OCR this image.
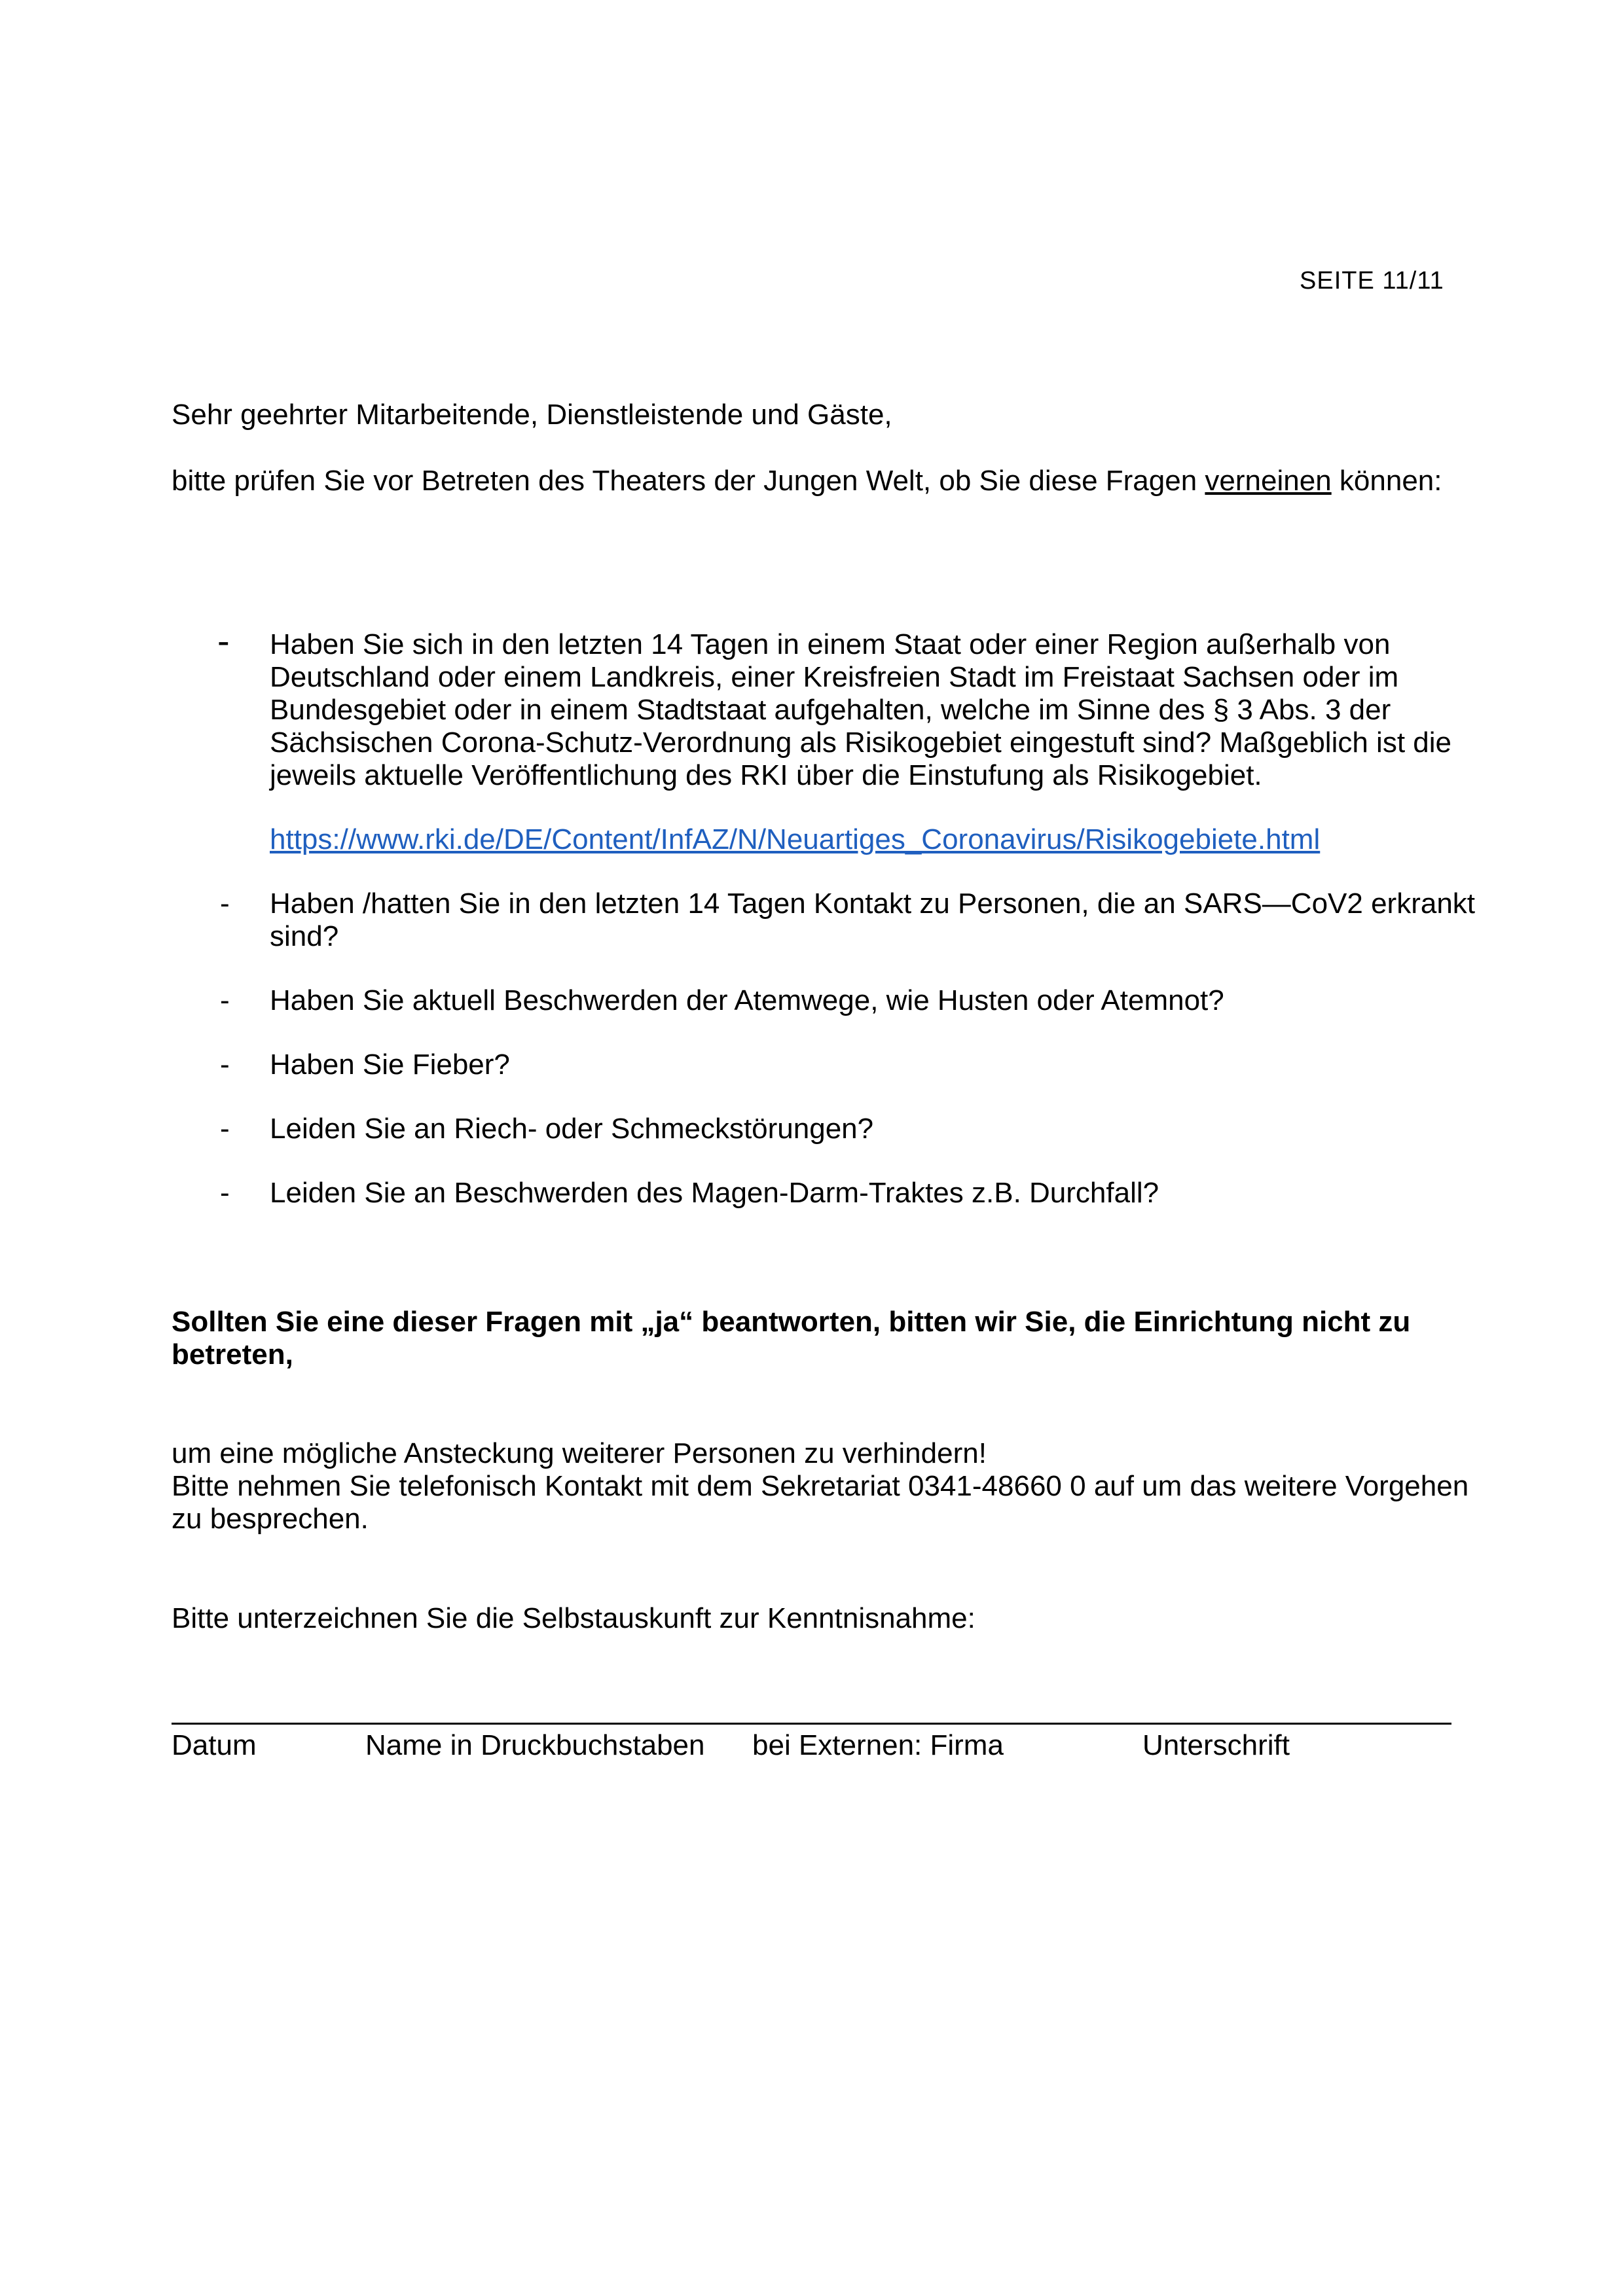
SEITE 11/11
Sehr geehrter Mitarbeitende, Dienstleistende und Gäste,
bitte prüfen Sie vor Betreten des Theaters der Jungen Welt, ob Sie diese Fragen verneinen können:
- Haben Sie sich in den letzten 14 Tagen in einem Staat oder einer Region außerhalb von Deutschland oder einem Landkreis, einer Kreisfreien Stadt im Freistaat Sachsen oder im Bundesgebiet oder in einem Stadtstaat aufgehalten, welche im Sinne des § 3 Abs. 3 der Sächsischen Corona-Schutz-Verordnung als Risikogebiet eingestuft sind? Maßgeblich ist die jeweils aktuelle Veröffentlichung des RKI über die Einstufung als Risikogebiet.
https://www.rki.de/DE/Content/InfAZ/N/Neuartiges_Coronavirus/Risikogebiete.html
- Haben /hatten Sie in den letzten 14 Tagen Kontakt zu Personen, die an SARS—CoV2 erkrankt sind?
- Haben Sie aktuell Beschwerden der Atemwege, wie Husten oder Atemnot?
- Haben Sie Fieber?
- Leiden Sie an Riech- oder Schmeckstörungen?
- Leiden Sie an Beschwerden des Magen-Darm-Traktes z.B. Durchfall?
Sollten Sie eine dieser Fragen mit „ja“ beantworten, bitten wir Sie, die Einrichtung nicht zu betreten,
um eine mögliche Ansteckung weiterer Personen zu verhindern!
Bitte nehmen Sie telefonisch Kontakt mit dem Sekretariat 0341-48660 0 auf um das weitere Vorgehen zu besprechen.
Bitte unterzeichnen Sie die Selbstauskunft zur Kenntnisnahme:
Datum	Name in Druckbuchstaben bei Externen: Firma	Unterschrift
